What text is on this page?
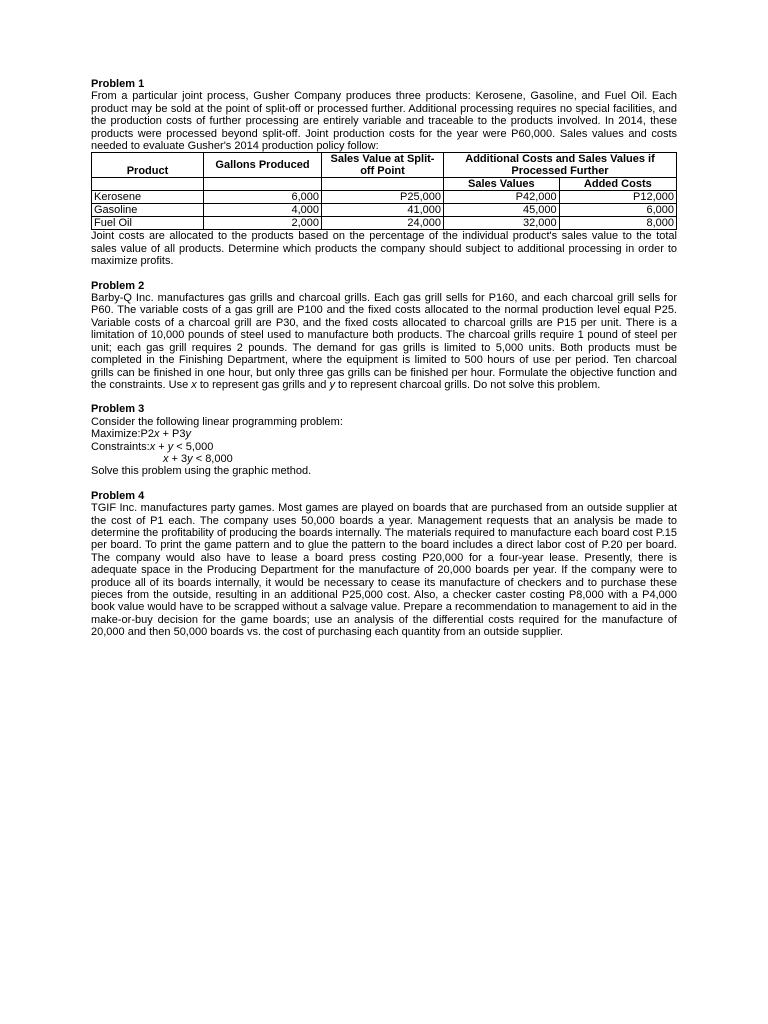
Problem 1

From a particular joint process, Gusher Company produces three products: Kerosene, Gasoline, and Fuel Oil. Each product may be sold at the point of split-off or processed further. Additional processing requires no special facilities, and the production costs of further processing are entirely variable and traceable to the products involved. In 2014, these products were processed beyond split-off. Joint production costs for the year were P60,000. Sales values and costs needed to evaluate Gusher's 2014 production policy follow:

Product	Gallons Produced	Sales Value at Split-off Point	Additional Costs and Sales Values if Processed Further	

			Sales Values	Added Costs
Kerosene	6,000	P25,000	P42,000	P12,000
Gasoline	4,000	41,000	45,000	6,000
Fuel Oil	2,000	24,000	32,000	8,000

Joint costs are allocated to the products based on the percentage of the individual product's sales value to the total sales value of all products. Determine which products the company should subject to additional processing in order to maximize profits.

Problem 2

Barby-Q Inc. manufactures gas grills and charcoal grills. Each gas grill sells for P160, and each charcoal grill sells for P60. The variable costs of a gas grill are P100 and the fixed costs allocated to the normal production level equal P25. Variable costs of a charcoal grill are P30, and the fixed costs allocated to charcoal grills are P15 per unit. There is a limitation of 10,000 pounds of steel used to manufacture both products. The charcoal grills require 1 pound of steel per unit; each gas grill requires 2 pounds. The demand for gas grills is limited to 5,000 units. Both products must be completed in the Finishing Department, where the equipment is limited to 500 hours of use per period. Ten charcoal grills can be finished in one hour, but only three gas grills can be finished per hour. Formulate the objective function and the constraints. Use x to represent gas grills and y to represent charcoal grills. Do not solve this problem.

Problem 3
Consider the following linear programming problem:
Maximize:P2x + P3y
Constraints:x + y < 5,000
x + 3y < 8,000
Solve this problem using the graphic method.
Problem 4

TGIF Inc. manufactures party games. Most games are played on boards that are purchased from an outside supplier at the cost of P1 each. The company uses 50,000 boards a year. Management requests that an analysis be made to determine the profitability of producing the boards internally. The materials required to manufacture each board cost P.15 per board. To print the game pattern and to glue the pattern to the board includes a direct labor cost of P.20 per board. The company would also have to lease a board press costing P20,000 for a four-year lease. Presently, there is adequate space in the Producing Department for the manufacture of 20,000 boards per year. If the company were to produce all of its boards internally, it would be necessary to cease its manufacture of checkers and to purchase these pieces from the outside, resulting in an additional P25,000 cost. Also, a checker caster costing P8,000 with a P4,000 book value would have to be scrapped without a salvage value. Prepare a recommendation to management to aid in the make-or-buy decision for the game boards; use an analysis of the differential costs required for the manufacture of 20,000 and then 50,000 boards vs. the cost of purchasing each quantity from an outside supplier.
